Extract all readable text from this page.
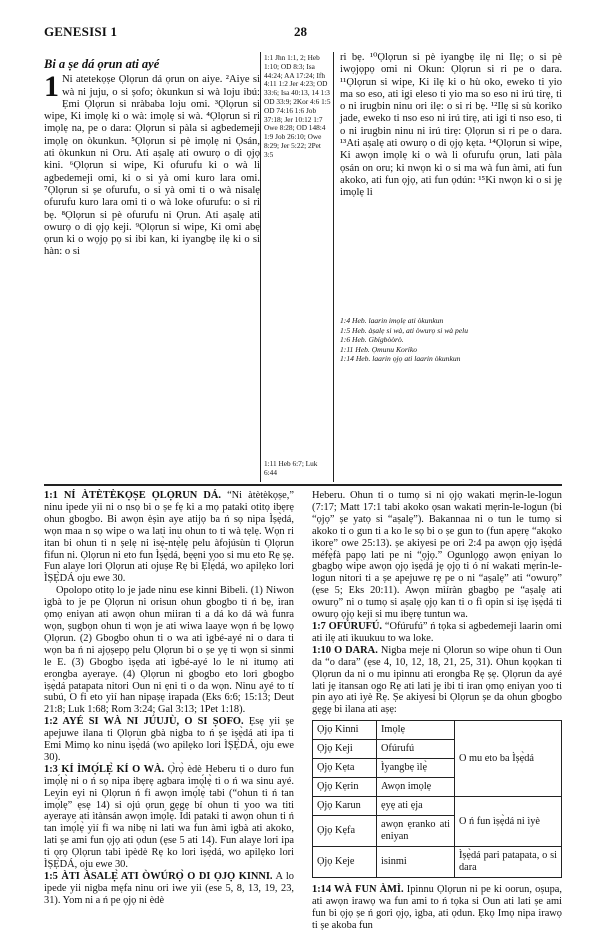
GENESISI 1	28
Bi a ṣe dá ọrun ati ayé
1 Ni atetekọṣe Ọlọrun dá ọrun on aiye. ²Aiye si wà ni juju, o si ṣofo; òkunkun si wà loju ibú: Ẹmi Ọlọrun si nràbaba loju omi. ³Ọlọrun si wipe, Ki imọlẹ ki o wà: imọlẹ si wà. ⁴Ọlọrun si ri imọlẹ na, pe o dara: Ọlọrun si pàla si agbedemeji imọlẹ on òkunkun. ⁵Ọlọrun si pè imọlẹ ni Ọsán, ati òkunkun ni Oru. Ati aṣalẹ ati owurọ o di ọjọ kini. ⁶Ọlọrun si wipe, Ki ofurufu ki o wà li agbedemeji omi, ki o si yà omi kuro lara omi. ⁷Ọlọrun si ṣe ofurufu, o si yà omi ti o wà nisalẹ ofurufu kuro lara omi ti o wà loke ofurufu: o si ri bẹ. ⁸Ọlọrun si pè ofurufu ni Ọrun. Ati aṣalẹ ati owurọ o di ọjọ keji. ⁹Ọlọrun si wipe, Ki omi abẹ ọrun ki o wọjọ pọ si ibi kan, ki iyangbẹ ilẹ ki o si hàn: o si
1:1 Jhn 1:1, 2; Heb 1:10; OD 8:3; Isa 44:24; AA 17:24; Ifh 4:11 1:2 Jer 4:23; OD 33:6; Isa 40:13, 14 1:3 OD 33:9; 2Kor 4:6 1:5 OD 74:16 1:6 Job 37:18; Jer 10:12 1:7 Owe 8:28; OD 148:4 1:9 Job 26:10; Owe 8:29; Jer 5:22; 2Pet 3:5
1:11 Heb 6:7; Luk 6:44
ri bẹ. ¹⁰Ọlọrun si pè iyangbẹ ilẹ ni Ilẹ; o si pè iwọjọpọ omi ni Okun: Ọlọrun si ri pe o dara. ¹¹Ọlọrun si wipe, Ki ilẹ ki o hù oko, eweko ti yio ma so eso, ati igi eleso ti yio ma so eso ni irú tirẹ, ti o ni irugbin ninu ori ilẹ: o si ri bẹ. ¹²Ilẹ si sù koriko jade, eweko ti nso eso ni irú tirẹ, ati igi ti nso eso, ti o ni irugbin ninu ni irú tirẹ: Ọlọrun si ri pe o dara. ¹³Ati aṣalẹ ati owurọ o di ọjọ kẹta. ¹⁴Ọlọrun si wipe, Ki awọn imọlẹ ki o wà li ofurufu ọrun, lati pàla ọsán on oru; ki nwọn ki o si ma wà fun àmi, ati fun akoko, ati fun ọjọ, ati fun ọdún: ¹⁵Ki nwọn ki o si jẹ imọlẹ li
1:4 Heb. laarin imọlẹ ati òkunkun
1:5 Heb. àṣalẹ si wà, ati òwurọ si wà pelu
1:6 Heb. Gbígbòòrò.
1:11 Heb. Ọmunu Koríko
1:14 Heb. laarin ọjọ ati laarin òkunkun

1:1 NÍ ÀTÈTÈKỌṢE ỌLỌRUN DÁ. “Ni àtètèkọṣe,” ninu ipede yii ni o nsọ bi o ṣe fẹ ki a mọ pataki otitọ ibẹrẹ ohun gbogbo. Bi awọn èṣìn aye atijọ ba ń sọ nipa Ìṣẹ̀dá, wọn maa n sọ wipe o wa lati inu ohun to ti wà tẹlẹ. Wọn ri itan bi ohun ti n ṣelẹ ni ìsẹ̀-ntẹ̀lẹ pelu àfojúsùn ti Ọlọrun fifun ni. Ọlọrun ni eto fun Ìṣẹ̀dá, bẹẹni yoo si mu eto Rẹ ṣẹ. Fun alaye lori Ọlọrun ati ojuṣe Rẹ bi Ẹlẹ́dá, wo apilẹko lori ÌṢẸ̀DÁ oju ewe 30.

Opolopo otitọ lo je jade ninu ese kinni Bibeli. (1) Niwon ìgbà to je pe Ọlọrun ni orisun ohun gbogbo ti ń bẹ, iran ọmọ eniyan ati awọn ohun miiran ti a dá ko dá wà funra wọn, ṣugbọn ohun ti wọn je ati wiwa laaye wọn ń bẹ lọwọ Ọlọrun. (2) Gbogbo ohun ti o wa ati ìgbé-ayé ni o dara ti wọn ba ń ni ajọṣepọ pelu Ọlọrun bi o ṣe yẹ ti wọn si sinmi le E. (3) Gbogbo ìṣẹda ati ìgbé-ayé lo le ni itumọ ati erongba ayeraye. (4) Ọlọrun ni gbogbo eto lori gbogbo ìṣẹ̀dá patapata nitori Oun ni ẹni ti o da wọn. Ninu ayé to tí subú, O fi eto yìí han nipaṣẹ irapada (Eks 6:6; 15:13; Deut 21:8; Luk 1:68; Rom 3:24; Gal 3:13; 1Pet 1:18).

1:2 AYÉ SI WÀ NI JÚUJÙ, O SI ṢOFO. Ẹsẹ yii ṣe apejuwe ilana ti Ọlọrun gbà nigba to ń ṣe ìṣẹ̀dá ati ipa ti Emi Mimọ ko ninu ìṣẹ̀dá (wo apilẹko lori ÌṢẸ̀DÁ, oju ewe 30).

1:3 KÍ ÌMỌ́LẸ̀ KÍ O WÀ. Ọ̀rọ̀ èdè Heberu ti o duro fun ìmọ́lẹ̀ ni o ń sọ nipa ibẹrẹ agbara ìmọ́lẹ̀ ti o ń wa sinu ayé. Leyin eyi ni Ọlọrun ń fi awọn ìmọ́lẹ̀ tabi (“ohun ti ń tan imọ́lẹ” ẹsẹ 14) si ojú ọrun gẹgẹ bí ohun ti yoo wa titi ayeraye ati ìtànsán awọn ìmọ́lẹ̀. Idi pataki ti awọn ohun ti ń tan ìmọ́lẹ̀ yìí fi wa nibẹ ni lati wa fun àmì ìgbà ati akoko, lati ṣe ami fun ọjọ ati ọdun (ẹse 5 ati 14). Fun alaye lori ipa ti ọrọ Ọlọrun tabi ìpèdè Rẹ ko lori ìṣẹ̀dá, wo apilẹko lori ÌṢẸ̀DÁ, oju ewe 30.

1:5 ÀTI ÀSALẸ̀ ATI ÒWÚRỌ̀ O DI ỌJỌ KINNI. A lo ipede yii nigba mẹfa ninu ori iwe yii (ese 5, 8, 13, 19, 23, 31). Yom ni a ń pe ọjọ ni èdè

Heberu. Ohun ti o tumọ si ni ọjọ wakati mẹrin-le-logun (7:17; Matt 17:1 tabi akoko ọsan wakati mẹrin-le-logun (bi “ọjọ” ṣe yatọ si “aṣalẹ”). Bakannaa ni o tun le tumọ si akoko ti o gun ti a ko le sọ bi o ṣe gun to (fun apẹrẹ “akoko ìkore” owe 25:13). ṣe akiyesi pe ori 2:4 pa awọn ọjọ ìṣẹ̀dá méfẹ̀fà papọ lati pe ni “ọjọ.” Ogunlọgọ awọn ẹniyan lo gbagbọ wipe awọn ọjọ ìṣẹ̀dá jẹ ọjọ ti ó ní wakati mẹrin-le-logun nitori ti a ṣe apejuwe rẹ pe o ni “aṣalẹ” ati “owurọ” (ẹse 5; Eks 20:11). Awọn mìíràn gbagbọ pe “aṣalẹ ati owurọ” ni o tumọ si aṣalẹ ọjọ kan ti o fi opin si iṣẹ ìṣẹ̀dá ti owurọ ọjọ keji si mu ibẹrẹ tuntun wa.

1:7 OFÚRUFÚ. “Ofúrufú” ń tọka si agbedemeji laarin omi ati ilẹ ati ìkuukuu to wa loke.

1:10 O DARA. Nigba meje ni Ọlorun so wipe ohun ti Oun da “o dara” (ẹse 4, 10, 12, 18, 21, 25, 31). Ohun kọọkan ti Ọlọrun da ni o mu ipinnu ati erongba Rẹ ṣẹ. Ọlọrun da ayé lati jẹ itansan ogo Rẹ ati lati jẹ ibi ti iran ọmọ eniyan yoo ti pin ayo ati ìyè Rẹ. Ṣe akiyesi bi Ọlọrun ṣe da ohun gbogbo gẹgẹ bi ilana ati aṣẹ:

Ọjọ Kinni	Imọlẹ	O mu eto ba Ìṣẹ̀dá
Ọjọ Keji	Ofúrufú	
Ọjọ Kẹta	Ìyangbẹ ìlẹ̀	
Ọjọ Kẹrin	Awọn imọlẹ	
Ọjọ Karun	ẹyẹ ati ẹja	O ń fun ìṣẹ̀dá ni ìyè
Ọjọ Kẹfa	awọn ẹranko ati eniyan	
Ọjọ Keje	isinmi	Ìṣẹ̀dá pari patapata, o si dara

1:14 WÀ FUN ÀMÌ. Ipinnu Ọlọrun ni pe ki oorun, oṣupa, ati awọn irawọ wa fun ami to ń tọka si Oun ati lati ṣe ami fun bi ọjọ ṣe ń gori ọjọ, ìgba, ati ọdun. Ẹkọ Imọ nipa irawọ ti ṣe akoba fun
